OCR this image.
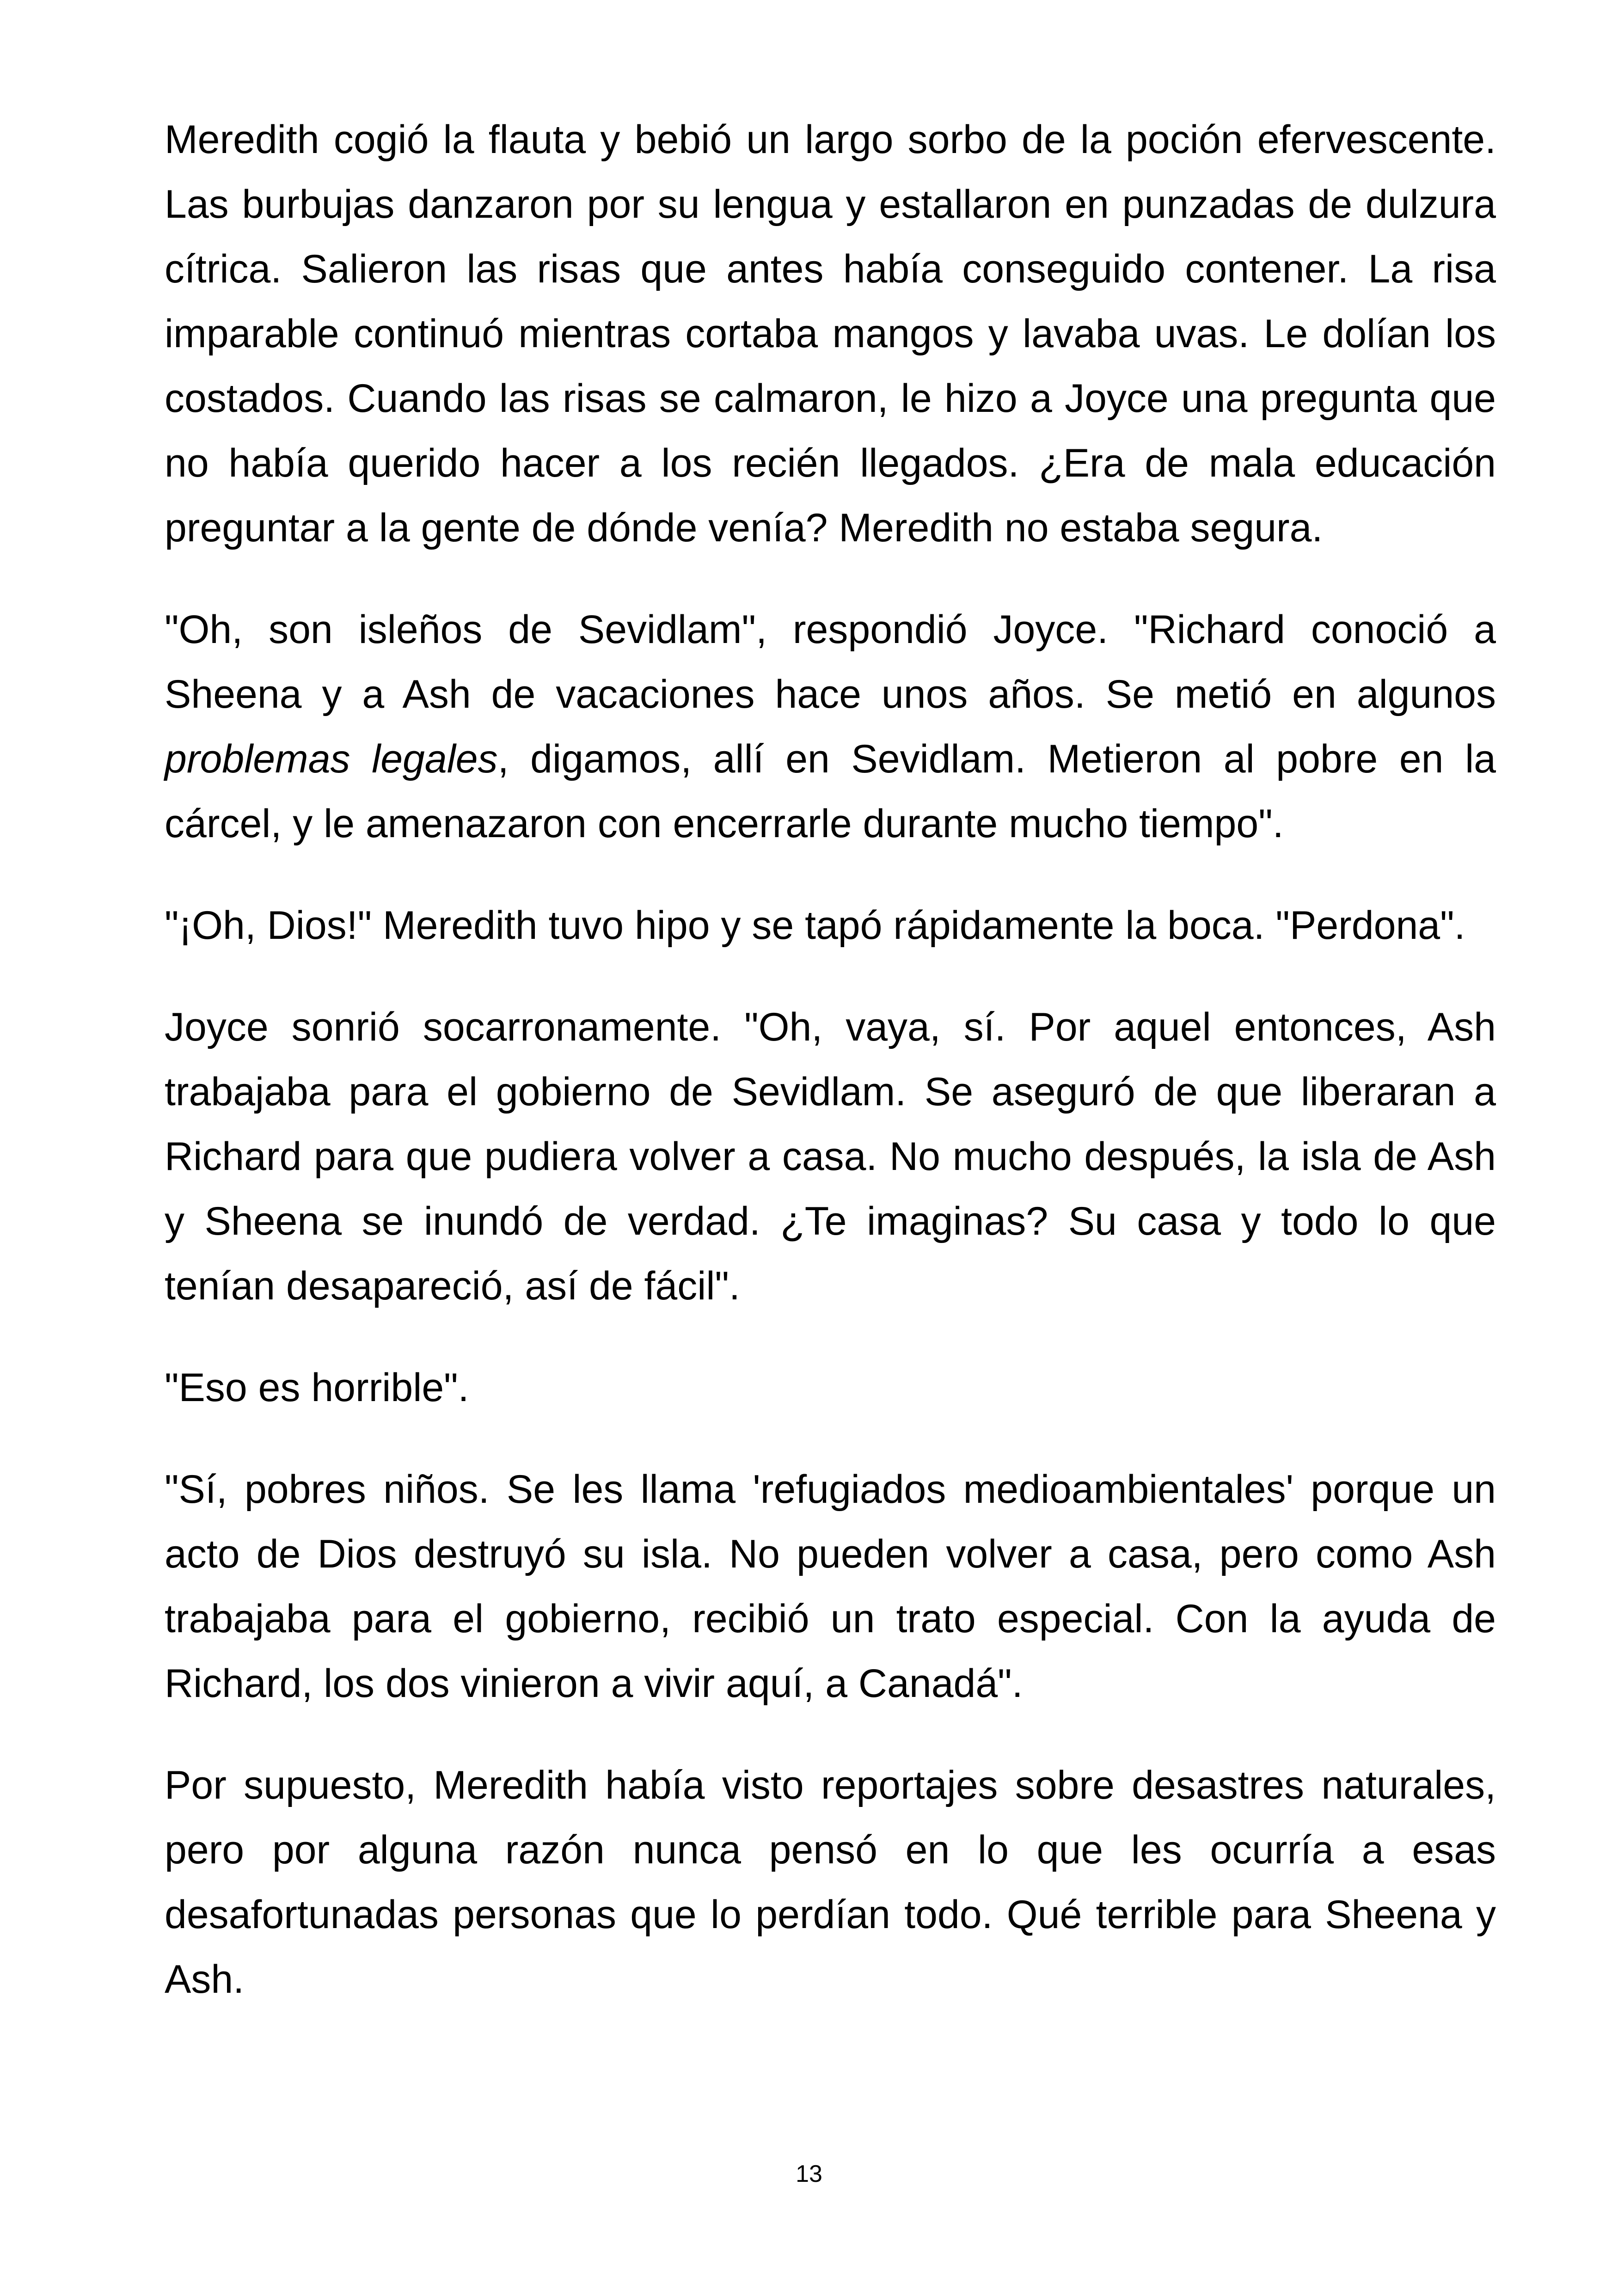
Meredith cogió la flauta y bebió un largo sorbo de la poción efervescente. Las burbujas danzaron por su lengua y estallaron en punzadas de dulzura cítrica. Salieron las risas que antes había conseguido contener. La risa imparable continuó mientras cortaba mangos y lavaba uvas. Le dolían los costados. Cuando las risas se calmaron, le hizo a Joyce una pregunta que no había querido hacer a los recién llegados. ¿Era de mala educación preguntar a la gente de dónde venía? Meredith no estaba segura.

"Oh, son isleños de Sevidlam", respondió Joyce. "Richard conoció a Sheena y a Ash de vacaciones hace unos años. Se metió en algunos problemas legales, digamos, allí en Sevidlam. Metieron al pobre en la cárcel, y le amenazaron con encerrarle durante mucho tiempo".

"¡Oh, Dios!" Meredith tuvo hipo y se tapó rápidamente la boca. "Perdona".

Joyce sonrió socarronamente. "Oh, vaya, sí. Por aquel entonces, Ash trabajaba para el gobierno de Sevidlam. Se aseguró de que liberaran a Richard para que pudiera volver a casa. No mucho después, la isla de Ash y Sheena se inundó de verdad. ¿Te imaginas? Su casa y todo lo que tenían desapareció, así de fácil".

"Eso es horrible".

"Sí, pobres niños. Se les llama 'refugiados medioambientales' porque un acto de Dios destruyó su isla. No pueden volver a casa, pero como Ash trabajaba para el gobierno, recibió un trato especial. Con la ayuda de Richard, los dos vinieron a vivir aquí, a Canadá".

Por supuesto, Meredith había visto reportajes sobre desastres naturales, pero por alguna razón nunca pensó en lo que les ocurría a esas desafortunadas personas que lo perdían todo. Qué terrible para Sheena y Ash.

13
